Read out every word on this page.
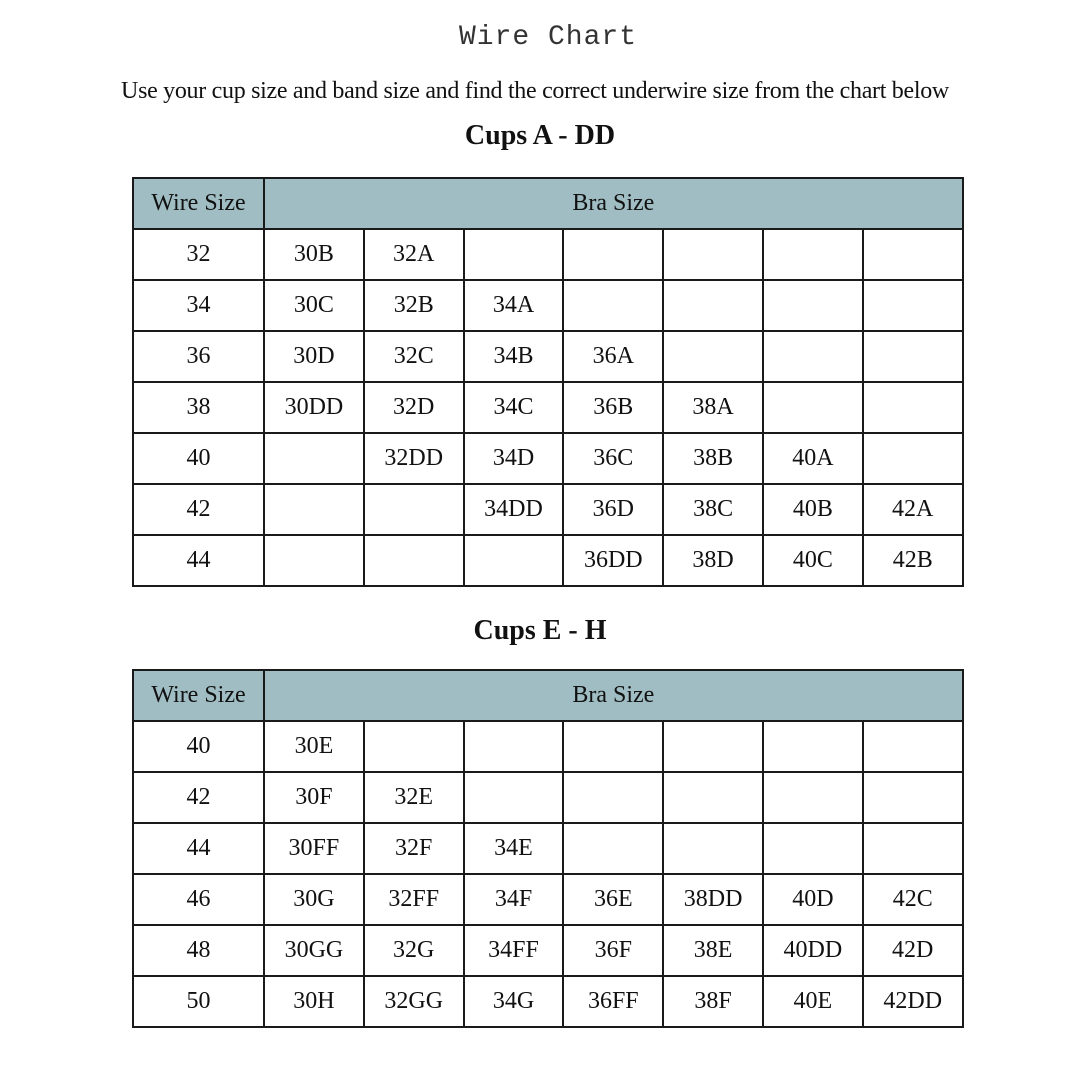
Wire Chart
Use your cup size and band size and find the correct underwire size from the chart below
Cups A - DD
Wire Size	Bra Size						
32	30B	32A					
34	30C	32B	34A				
36	30D	32C	34B	36A			
38	30DD	32D	34C	36B	38A		
40		32DD	34D	36C	38B	40A	
42			34DD	36D	38C	40B	42A
44				36DD	38D	40C	42B
Cups E - H
Wire Size	Bra Size						
40	30E						
42	30F	32E					
44	30FF	32F	34E				
46	30G	32FF	34F	36E	38DD	40D	42C
48	30GG	32G	34FF	36F	38E	40DD	42D
50	30H	32GG	34G	36FF	38F	40E	42DD
